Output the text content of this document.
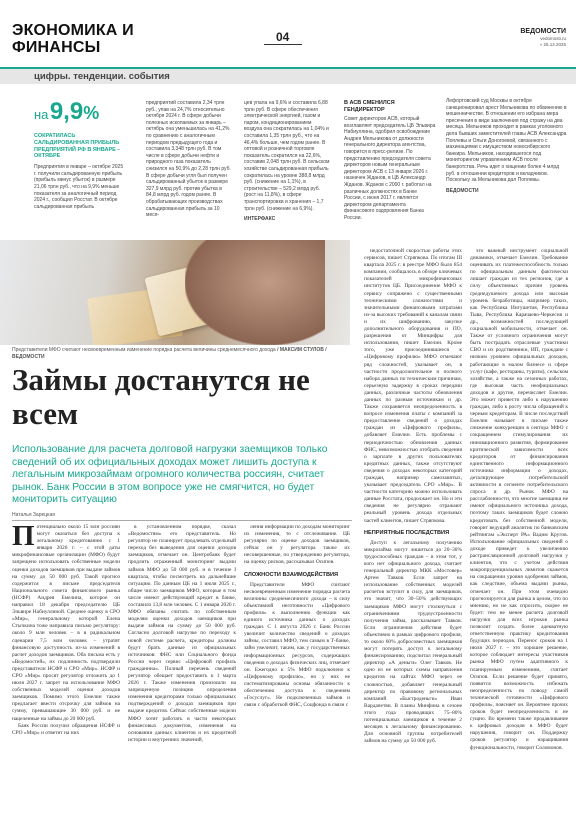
ЭКОНОМИКА И ФИНАНСЫ
04	ВЕДОМОСТИ
vedomosti.ru
» 25.12.2025
цифры. тенденции. события
на 9,9%
СОКРАТИЛАСЬ САЛЬДИРОВАННАЯ ПРИБЫЛЬ ПРЕДПРИЯТИЙ РФ В ЯНВАРЕ – ОКТЯБРЕ

Предприятия в январе – октябре 2025 г. получили сальдированную прибыль (прибыль минус убыток) в размере 21,06 трлн руб., что на 9,9% меньше показателя за аналогичный период 2024 г., сообщил Росстат. В октябре сальдированная прибыль

предприятий составила 2,34 трлн руб., упав на 24,7% относительно октября 2024 г. В сфере добычи полезных ископаемых за январь – октябрь она уменьшилась на 41,2% по сравнению с аналогичным периодом предыдущего года и составила 3,348 трлн руб. В том числе в сфере добычи нефти и природного газа показатель снизился на 50,9% до 2,28 трлн руб. В сфере добычи угля был получен сальдированный убыток в размере 327,9 млрд руб. против убытка в 84,8 млрд руб. годом ранее. В обрабатывающих производствах сальдированная прибыль за 10 меся-

цев упала на 9,6% и составила 6,88 трлн руб. В сфере обеспечения электрической энергией, газом и паром, кондиционированием воздуха она сократилась на 1,04% и составила 1,35 трлн руб., что на 46,4% больше, чем годом ранее. В оптовой и розничной торговле показатель сократился на 22,6%, составив 2,048 трлн руб. В сельском хозяйстве сальдированная прибыль сократилась на уровне 388,8 млрд руб. (снижение на 1,1%), в строительстве – 529,2 млрд руб. (рост на 11,8%), в сфере транспортировки и хранения – 1,7 трлн руб. (снижение на 6,9%).

ИНТЕРФАКС
В АСВ СМЕНИЛСЯ ГЕНДИРЕКТОР

Совет директоров АСВ, который возглавляет председатель ЦБ Эльвира Набиуллина, одобрил освобождение Андрея Мельникова от должности генерального директора агентства, говорится в пресс-релизе. По представлению председателя совета директоров новым генеральным директором АСВ с 13 января 2026 г. назначен Жданов, в ЦБ Александр Жданов. Жданов с 2000 г. работал на различных должностях в Банке России, с июня 2017 г. является директором департамента финансового оздоровления Банка России.

Лефортовский суд Москвы в октябре санкционировал арест Мельникова по обвинению в мошенничестве. В отношении его избрана мера пресечения в виде заключения под стражу на два месяца. Мельников проходит в рамках уголовного дела бывших заместителей главы АСВ Александра Поплевы и Ольги Доногоевой, связанного с махинациями с имуществом новосибирского банкира. Мельников, находившегося под мониторингом управлением АСВ после банкротства. Речь идет о хищении более 4 млрд руб. в отношении кредиторов и вкладчиков. Поскольку за Мельникова дал Поплевы.

ВЕДОМОСТИ
Представители МФО считают несвоевременным изменение порядка расчета величины среднемесячного дохода / МАКСИМ СТУЛОВ / ВЕДОМОСТИ
Займы достанутся не всем
Использование для расчета долговой нагрузки заемщиков только сведений об их официальных доходах может лишить доступа к легальным микрозаймам огромного количества россиян, считает рынок. Банк России в этом вопросе уже не смягчится, но будет мониторить ситуацию
Наталья Зарецкая
П отенциально около 15 млн россиян могут оказаться без доступа к легальному кредитованию с 1 января 2026 г. – с этой даты микрофинансовые организации (МФО) будут запрещено использовать собственные модели оценки доходов заемщиков при выдаче займов на сумму до 50 000 руб. Такой прогноз содержится в письме председателя Национального совета финансового рынка (НСФР) Андрея Емелина, которое он направил 18 декабря председателю ЦБ Эльвире Набиуллиной. Среднее оценку в СРО «Мир», генеральному которой Елена Стычкина тоже направила письмо регулятору: около 9 млн человек – в в радикальном сценарии 7,5 млн человек – утратят финансовую доступность из-за изменений в расчет доходов заемщиков. Оба письма есть у «Ведомостей», их подлинность подтвердили представители НСФР и СРО «Мир». НСФР и СРО «Мир» просят регулятор отложить до 1 июля 2027 г. запрет на использование МФО собственных моделей оценки доходов заемщиков. Помимо этого Емелин также предлагает ввести отсрочку для займов на сумму, превышающие 30 000 руб. и не нацеленные на займы до 20 000 руб.

Банк России получил обращения НСФР и СРО «Мир» и ответит на них

в установленном порядке, сказал «Ведомостям» его представитель. Но регулятор не планирует продлевать отдельный переход без выведения для оценки доходов заемщиков, отмечает он. Центробанк будет продлить отраженный мониторинг выдачи займов МФО до 50 000 руб. и в течение I квартала, чтобы посмотреть на дальнейшие ситуацию. По данным ЦБ на 1 июля 2025 г., общее число заемщиков МФО, которые в том числе имеют действующий кредит в банке, составило 13,8 млн человек. С 1 января 2026 г. МФО обязаны считать по собственным моделям оценки доходов заемщиков при выдаче займов на сумму до 50 000 руб. Согласно долговой нагрузке по переходу к новой системе расчета, кредиторы должны будут брать данные из официальных источников: ФНС или Социального фонда России через сервис «Цифровой профиль гражданина». Полный перечень сведений регулятор обещает предоставить к 1 марта 2026 г. Также изменения произошли на запрещенную позицию определения изменения кредиторами только официальных подтверждений о доходах заемщиков при выдаче кредитов. Сейчас собственные модели МФО хотят работать в части некоторых финансовых документов, изменения на основании данных клиентов и их кредитной истории и внутренних значений,

ления информации по доходам мониторинг их изменения, то с отслеживание. ЦБ регулярно по оценке доходов заемщиков, сейчас он у регулятора также их несовершенные, по утверждению регулятора, на оценку рисков, рассказывал Осипов.

СЛОЖНОСТИ ВЗАИМОДЕЙСТВИЯ

Представители МФО считают несвоевременным изменение порядка расчета величины среднемесячного дохода – в силу объективной неготовности «Цифрового профиля» к выполнению функции как единого источника данных о доходах граждан. С 1 августа 2026 г. Банк России увеличит количество сведений о доходах займы, составил МФО, тем самым в Т-банке, займ увеличит, таким, как у государственных информационных ресурсов, содержащих сведения о доходах физических лиц, отмечает он. Ежегодно к 5% МФО подключено к «Цифровому профилю», но у них не систематизированы основы обязанности к обеспечению доступа к сведениям «Госуслуг». Не подключенных займов и связи с обработкой ФНС, Соцфонда в связи с

недостаточной скоростью работы этих сервисов, пишет Стряпкова. По итогам III квартала 2025 г. в реестре МФО было 854 компании, сообщалось в обзоре ключевых показателей микрофинансовых институтов ЦБ. Присоединение МФО к сервису сопряжено с существенными техническими сложностями и значительными финансовыми затратами из-за высоких требований к каналам связи и их шифрованию, закупке дополнительного оборудования и ПО, разрешения от Минцифры для использования, пишет Емелин. Кроме того, уже присоединившиеся к «Цифровому профилю» МФО отмечают ряд сложностей, указывает он, в частности продолжительное и полного набора данных по техническим причинам, серьезную задержку в сроках передачи данных, различные частоты обновления данных по разным источникам и др. Также сохраняется неопределенность в вопросе изменения платы с компаний за предоставление сведений о доходах граждан из «Цифрового профиля», добавляет Емелин. Есть проблемы с периодичностью обновления данных ФНС, невозможностью отобрать сведения о зарплате в других пользователях кредитных данных, также отсутствуют сведения о доходах некоторых категорий граждан, например самозанятых, указывает председатель СРО «Мир». В частности категорию можно использовать данные Росстата, продолжает он. Но и эти сведения не регулярно отражают реальный уровень дохода отдельных частей клиентов, пишет Стряпкова.

НЕПРИЯТНЫЕ ПОСЛЕДСТВИЯ

Доступ к легальному получению микрозайма могут лишиться до 20–30% трудоспособных граждан – в этом тот, у кого нет официального дохода, считает генеральный директор МКК «Мостовер» Артем Тавков. Если запрет на использование собственных моделей расчетов вступит в силу, для заемщиков, это значит, что 30–50% действующих заемщиков МФО могут столкнуться с ограничениями трудоустроенности получения займа, рассказывает Тавков. Если ограничения действия будет объективно в рамках цифрового профиля, то около 60% добросовестных заемщиков могут потерять доступ к легальному финансированию, подсчитал генеральный директор «А деньги» Олег Тавков. Не одно из не которых схемы направления кредитов на сайтах МФО через ее сложностью, добавляет генеральный директор по правовому региональных компаний «Быстроденьги» Иван Вардапетян. В планы Минфина в сезоне этого года проводящих 75–80% потенциальных заемщиков в течение 2 месяцев к легальному финансированию. Для основной группы потребителей займов на сумму до 50 000 руб.

это важный инструмент социальной динамики, отмечает Емелин. Требование оценивать их платежеспособность только по официальным данным фактически лишает граждан из тех регионов, где в силу объективных причин уровень среднедушевого дохода или высокая уровень безработицы, например таких, как Республика Ингушетия, Республика Тыва, Республика Карачаево-Черкесия и др., возможностей последующей социальной мобильности, отмечает он. Также от условного ограничения могут быть пострадать отраслевые участники СВО и их родственники, ИП, граждане с низким уровнем официальных доходов, работающие в малом бизнесе и сфере услуг (кафе, рестораны, туризм), сельском хозяйстве, а также на сезонных работах, где высокая часть неофициальных доходов и другие, перечисляет Емелин. Это может привести либо к нарушению граждан, либо к росту числа обращений к черным кредиторам. В числе последствий Емелин называет в письме также снижение конкуренции в сектора МФО с сокращением стимулирования их инновационного развития, формирование критической зависимости всех кредиторов от финансирования единственного информационного источника информации о доходах, деталирующее потребительской активности в сегменте потребительского спроса и др. Рынок МФО на расслабленности, что многие заемщики не имеют официального источника дохода, поэтому таких заемщиков будет сложно кредитовать без собственной модели, говорит ведущий аналитик по банковским рейтингам «Эксперт РА» Вадим Кругов. Использование официальных сведений о доходе приведет к увеличению растрансляционной долговой нагрузки у клиентов, что с учетом действия макропруденциальных лимитов скажется на сокращении уровня одобрения займов, как следствие, объема выдачи рынка, отмечает он. При этом очевидно прогнозируется для рынка в целом, что по мнению, но не как спросить, скорее не будет: тем не менее расчета долговой нагрузки для всех игроков рынка позволит создать более адекватную ответственную практику кредитования будущих периодов. Перенос сроков на 1 июля 2027 г. – это хорошее решение, которое соблюдает интересы участников рынка МФО путем адаптивного к планируемым изменениям, считает Осипов. Если решение будет принято, появится возможность избежать неопределенность по поводу самой технической готовности «Цифрового профиля», поясняет он. Вероятнее прочих сроков будет неопределенность и не сущно. Во времени также продавливание к цифровых доходов в МФО будет нарушения, говорит он. Поддержку сроков регулятор и наращивания функциональности, говорит Соломонов.
